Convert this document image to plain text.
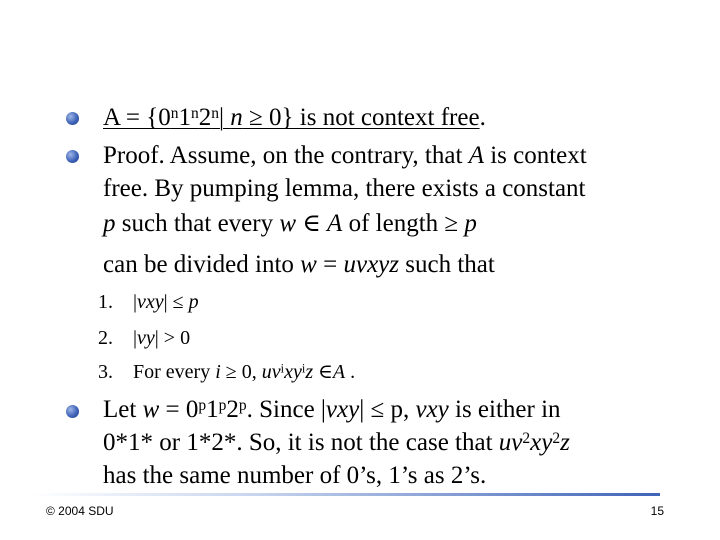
$A = \{0^n1^n2^n|$ n ≥ 0} is not context free.
Proof. Assume, on the contrary, that A is context
free. By pumping lemma, there exists a constant
p such that every w ∈ A of length ≥ p
can be divided into w = uvxyz such that
1. |vxy| ≤ p
2. |vy| > 0
3. For every i ≥ 0, $uv^ixy^iz$ ∈A .
Let $w = 0^p1^p2^p$. Since |vxy| ≤ p, vxy is either in
0*1* or 1*2*. So, it is not the case that $uv^2xy^2z$
has the same number of 0’s, 1’s as 2’s.
© 2004 SDU	15
